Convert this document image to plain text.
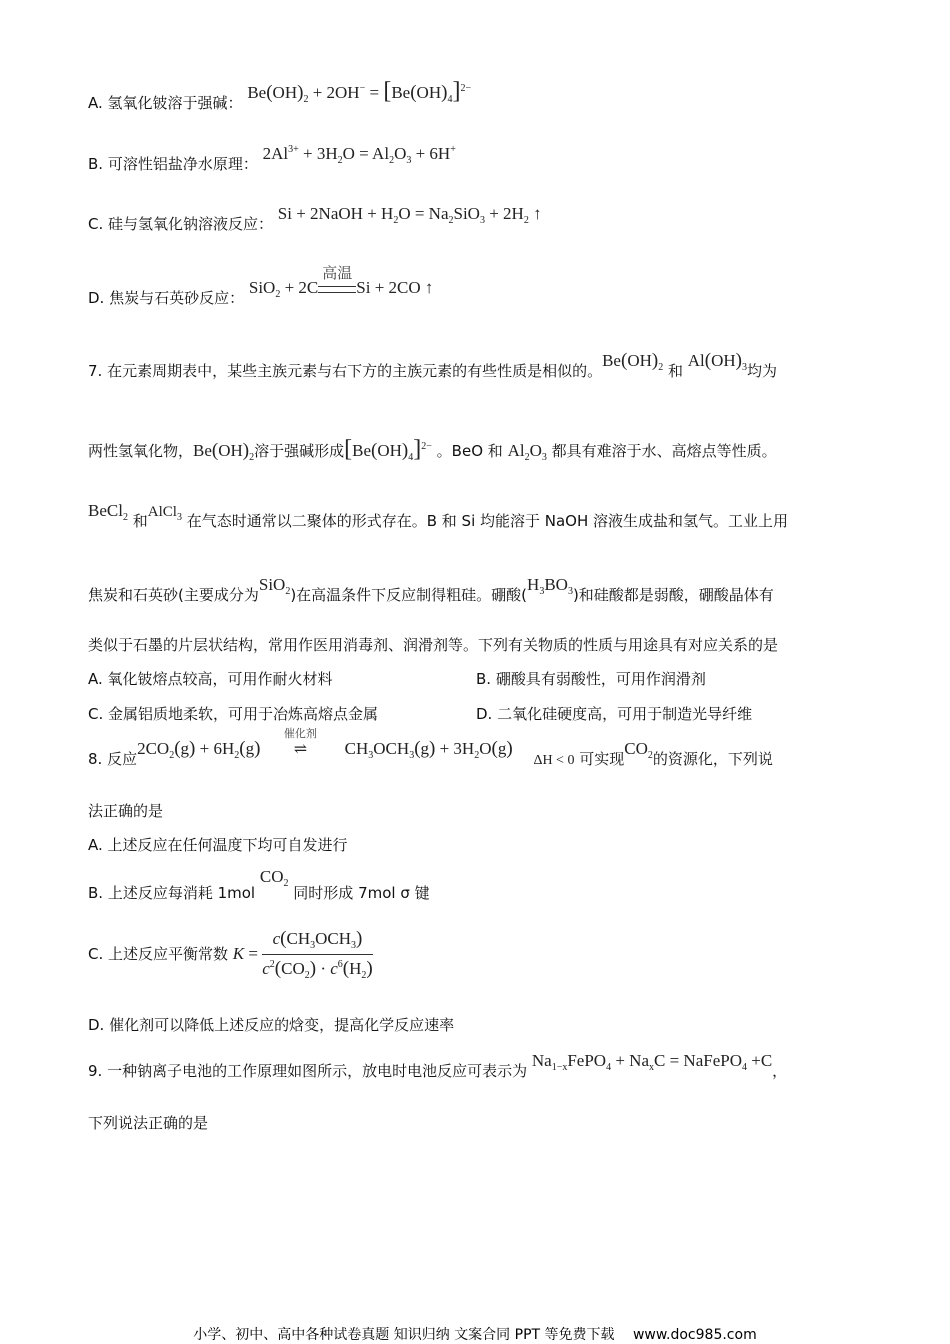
A. 氢氧化铍溶于强碱： $Be(OH)_2 + 2OH^- = [Be(OH)_4]^{2-}$
B. 可溶性铝盐净水原理： $2Al^{3+} + 3H_2O = Al_2O_3 + 6H^+$
C. 硅与氢氧化钠溶液反应： Si + 2NaOH + $H_2O = Na_2SiO_3 + 2H_2$ ↑
D. 焦炭与石英砂反应： SiO$_2$ + 2C
高温
Si + 2CO ↑
7. 在元素周期表中，某些主族元素与右下方的主族元素的有些性质是相似的。$Be(OH)_2$ 和 $Al(OH)_3$均为
两性氢氧化物，$Be(OH)_2$溶于强碱形成$[Be(OH)_4]^{2-}$ 。BeO 和 $Al_2O_3$ 都具有难溶于水、高熔点等性质。
BeCl$_2$ 和AlCl$_3$ 在气态时通常以二聚体的形式存在。B 和 Si 均能溶于 NaOH 溶液生成盐和氢气。工业上用
焦炭和石英砂(主要成分为SiO$_2$)在高温条件下反应制得粗硅。硼酸$(H_3BO_3)$和硅酸都是弱酸，硼酸晶体有
类似于石墨的片层状结构，常用作医用消毒剂、润滑剂等。下列有关物质的性质与用途具有对应关系的是
A. 氧化铍熔点较高，可用作耐火材料	B. 硼酸具有弱酸性，可用作润滑剂
C. 金属铝质地柔软，可用于冶炼高熔点金属	D. 二氧化硅硬度高，可用于制造光导纤维
8. 反应$2CO_2(g) + 6H_2(g)$
催化剂
⇌ $CH_3OCH_3(g) + 3H_2O(g) \Delta H < 0$ 可实现$CO_2$的资源化，下列说
法正确的是
A. 上述反应在任何温度下均可自发进行
B. 上述反应每消耗 1mol $CO_2$ 同时形成 7mol σ 键
C. 上述反应平衡常数 $K = \frac{c(CH_3OCH_3)}{c^2(CO_2) \cdot c^6(H_2)}$
D. 催化剂可以降低上述反应的焓变，提高化学反应速率
9. 一种钠离子电池的工作原理如图所示，放电时电池反应可表示为 $Na_{1-x}FePO_4 + Na_xC$ = NaFePO$_4$ +C，
下列说法正确的是
小学、初中、高中各种试卷真题 知识归纳 文案合同 PPT 等免费下载　 www.doc985.com
